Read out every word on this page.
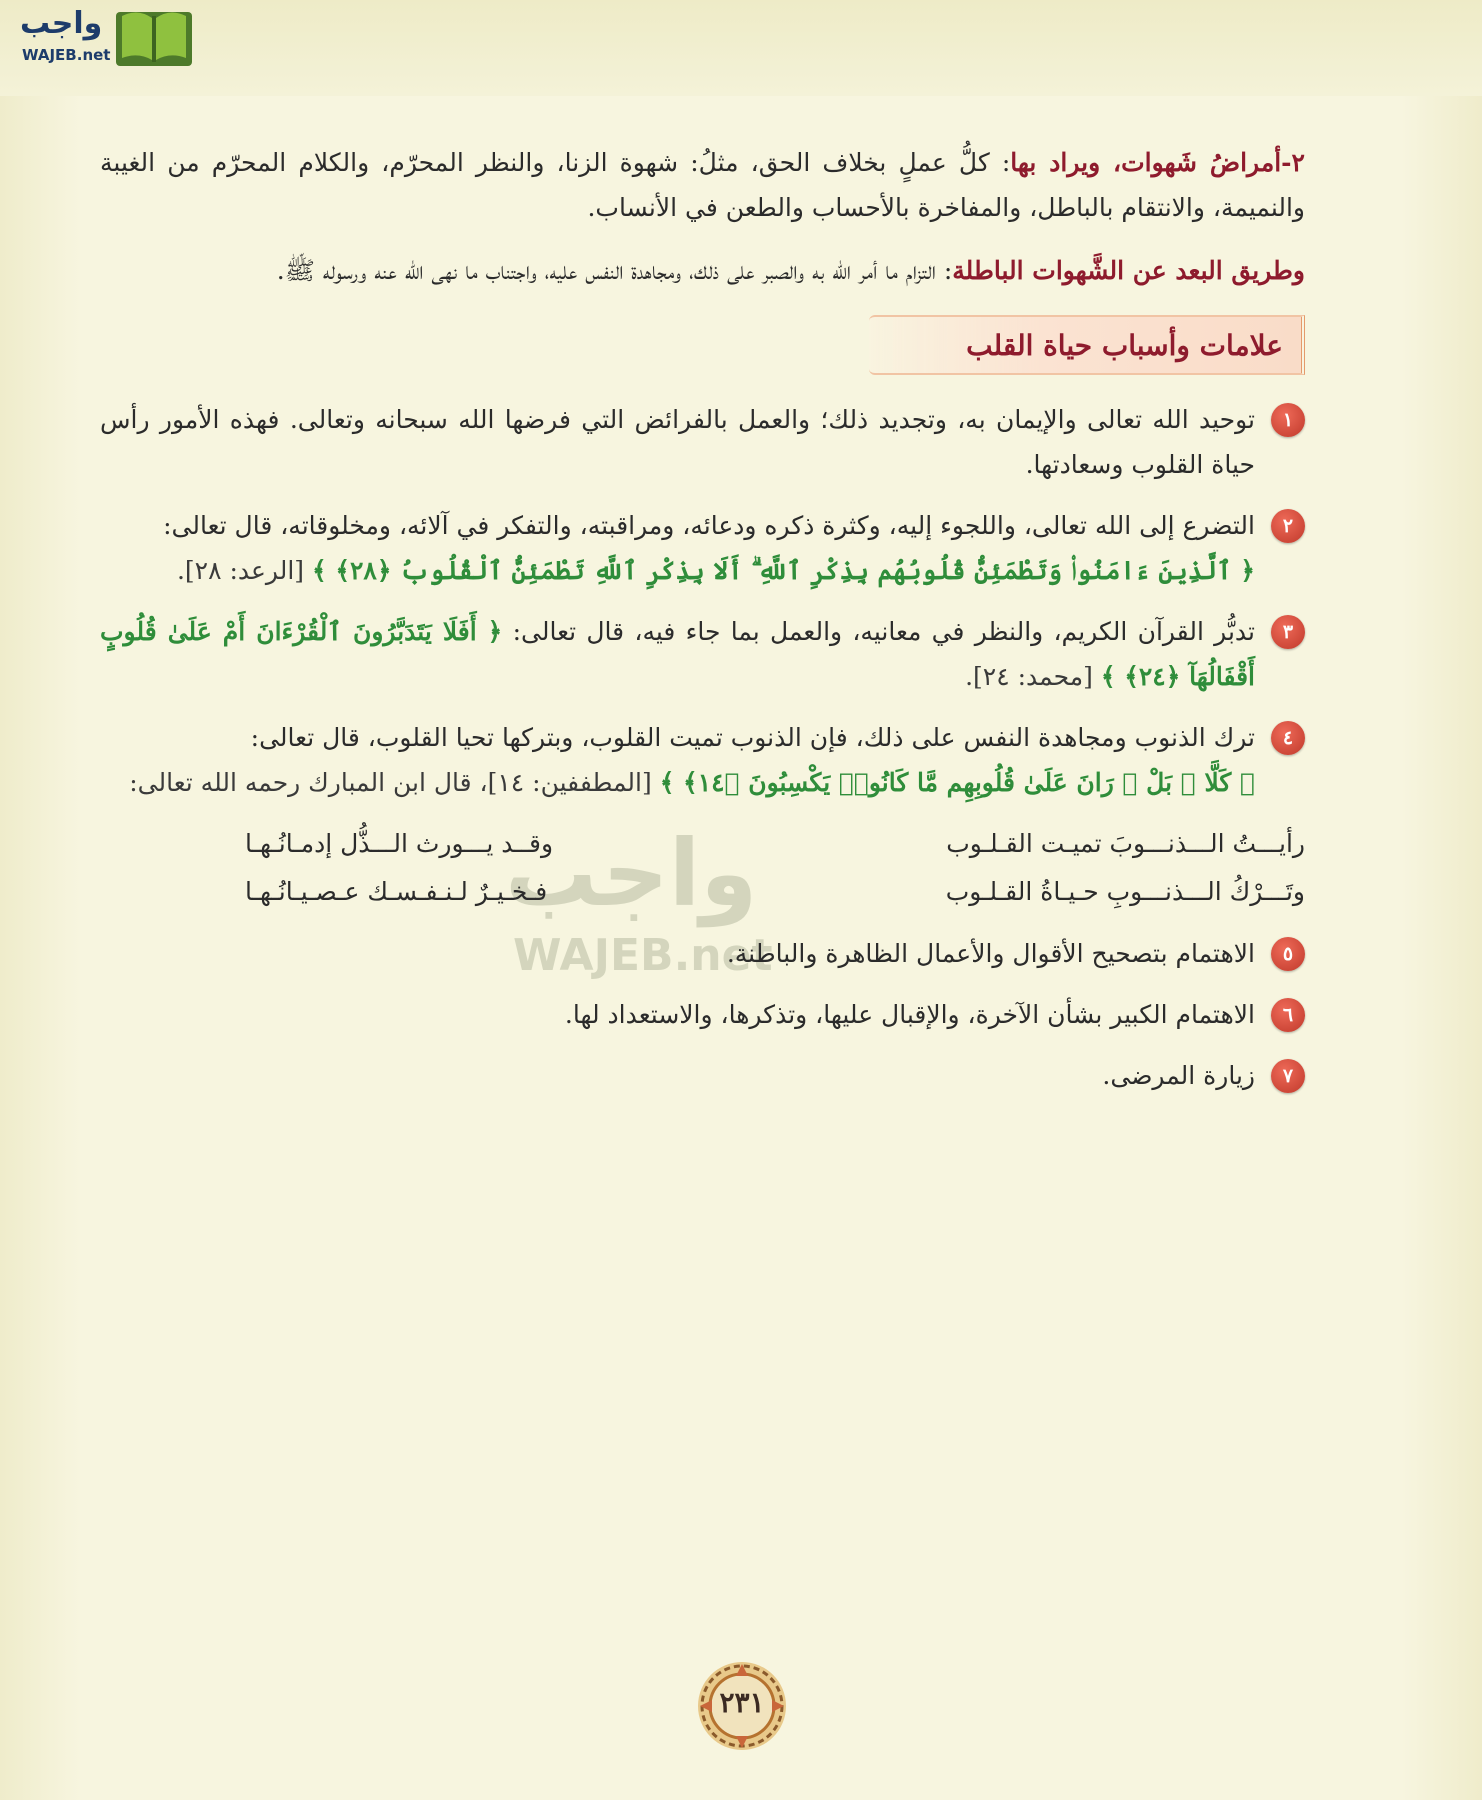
واجب
WAJEB.net

٢-أمراضُ شَهوات، ويراد بها: كلُّ عملٍ بخلاف الحق، مثلُ: شهوة الزنا، والنظر المحرّم، والكلام المحرّم من الغيبة والنميمة، والانتقام بالباطل، والمفاخرة بالأحساب والطعن في الأنساب.

وطريق البعد عن الشَّهوات الباطلة: التزام ما أمر الله به والصبر على ذلك، ومجاهدة النفس عليه، واجتناب ما نهى الله عنه ورسوله ﷺ.

علامات وأسباب حياة القلب
١
توحيد الله تعالى والإيمان به، وتجديد ذلك؛ والعمل بالفرائض التي فرضها الله سبحانه وتعالى. فهذه الأمور رأس حياة القلوب وسعادتها.
٢
التضرع إلى الله تعالى، واللجوء إليه، وكثرة ذكره ودعائه، ومراقبته، والتفكر في آلائه، ومخلوقاته، قال تعالى:
﴿ ٱلَّذِينَ ءَامَنُوا۟ وَتَطْمَئِنُّ قُلُوبُهُم بِذِكْرِ ٱللَّهِ ۗ أَلَا بِذِكْرِ ٱللَّهِ تَطْمَئِنُّ ٱلْقُلُوبُ ﴿٢٨﴾ ﴾ [الرعد: ٢٨].
٣
تدبُّر القرآن الكريم، والنظر في معانيه، والعمل بما جاء فيه، قال تعالى: ﴿ أَفَلَا يَتَدَبَّرُونَ ٱلْقُرْءَانَ أَمْ عَلَىٰ قُلُوبٍ أَقْفَالُهَآ ﴿٢٤﴾ ﴾ [محمد: ٢٤].
٤
ترك الذنوب ومجاهدة النفس على ذلك، فإن الذنوب تميت القلوب، وبتركها تحيا القلوب، قال تعالى:
﴿ كَلَّا ۖ بَلْ ۜ رَانَ عَلَىٰ قُلُوبِهِم مَّا كَانُوا۟ يَكْسِبُونَ ﴿١٤﴾ ﴾ [المطففين: ١٤]، قال ابن المبارك رحمه الله تعالى:
رأيـــتُ الـــذنـــوبَ تميـت القـلـوب
وقــد يـــورث الـــذُّل إدمـانُـهـا
وتَـــرْكُ الـــذنـــوبِ حـيـاةُ القـلـوب
فـخـيـرٌ لـنـفـسـك عـصـيـانُـهـا
٥
الاهتمام بتصحيح الأقوال والأعمال الظاهرة والباطنة.
٦
الاهتمام الكبير بشأن الآخرة، والإقبال عليها، وتذكرها، والاستعداد لها.
٧
زيارة المرضى.
٢٣١
